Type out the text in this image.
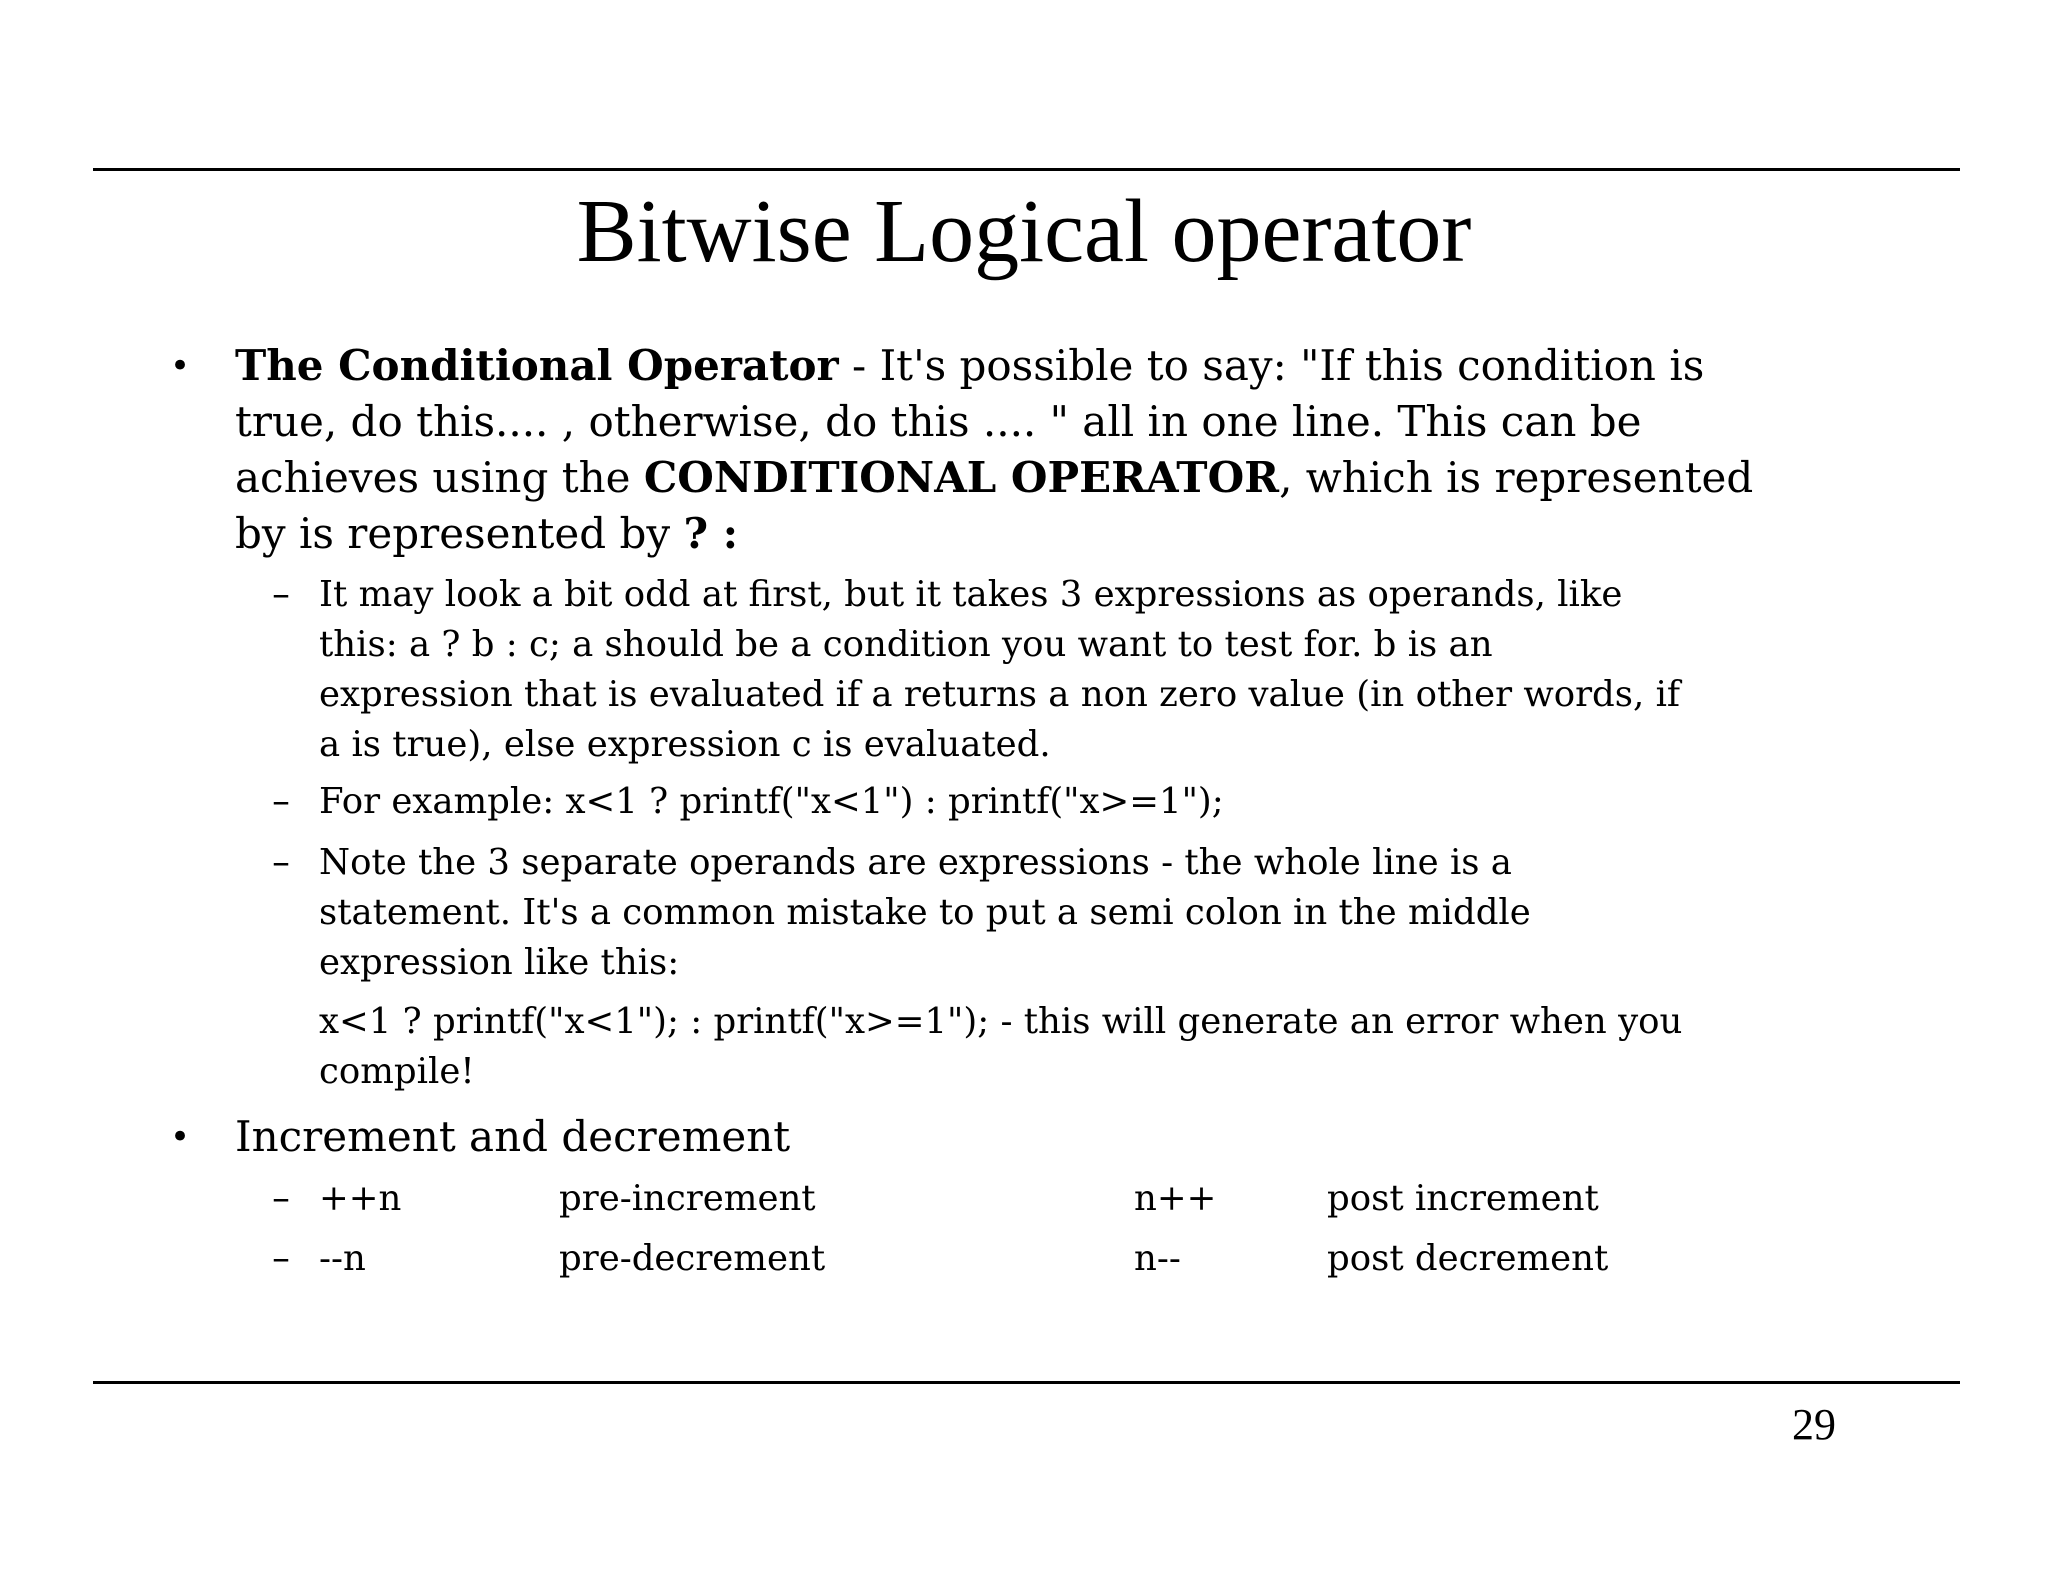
Bitwise Logical operator
• The Conditional Operator - It's possible to say: "If this condition is
true, do this.... , otherwise, do this .... " all in one line. This can be
achieves using the CONDITIONAL OPERATOR, which is represented
by is represented by ? :
– It may look a bit odd at first, but it takes 3 expressions as operands, like
this: a ? b : c; a should be a condition you want to test for. b is an
expression that is evaluated if a returns a non zero value (in other words, if
a is true), else expression c is evaluated.
– For example: x<1 ? printf("x<1") : printf("x>=1");
– Note the 3 separate operands are expressions - the whole line is a
statement. It's a common mistake to put a semi colon in the middle
expression like this:
x<1 ? printf("x<1"); : printf("x>=1"); - this will generate an error when you
compile!
• Increment and decrement
– ++n	pre-increment	n++	post increment
– --n	pre-decrement	n--	post decrement
29
